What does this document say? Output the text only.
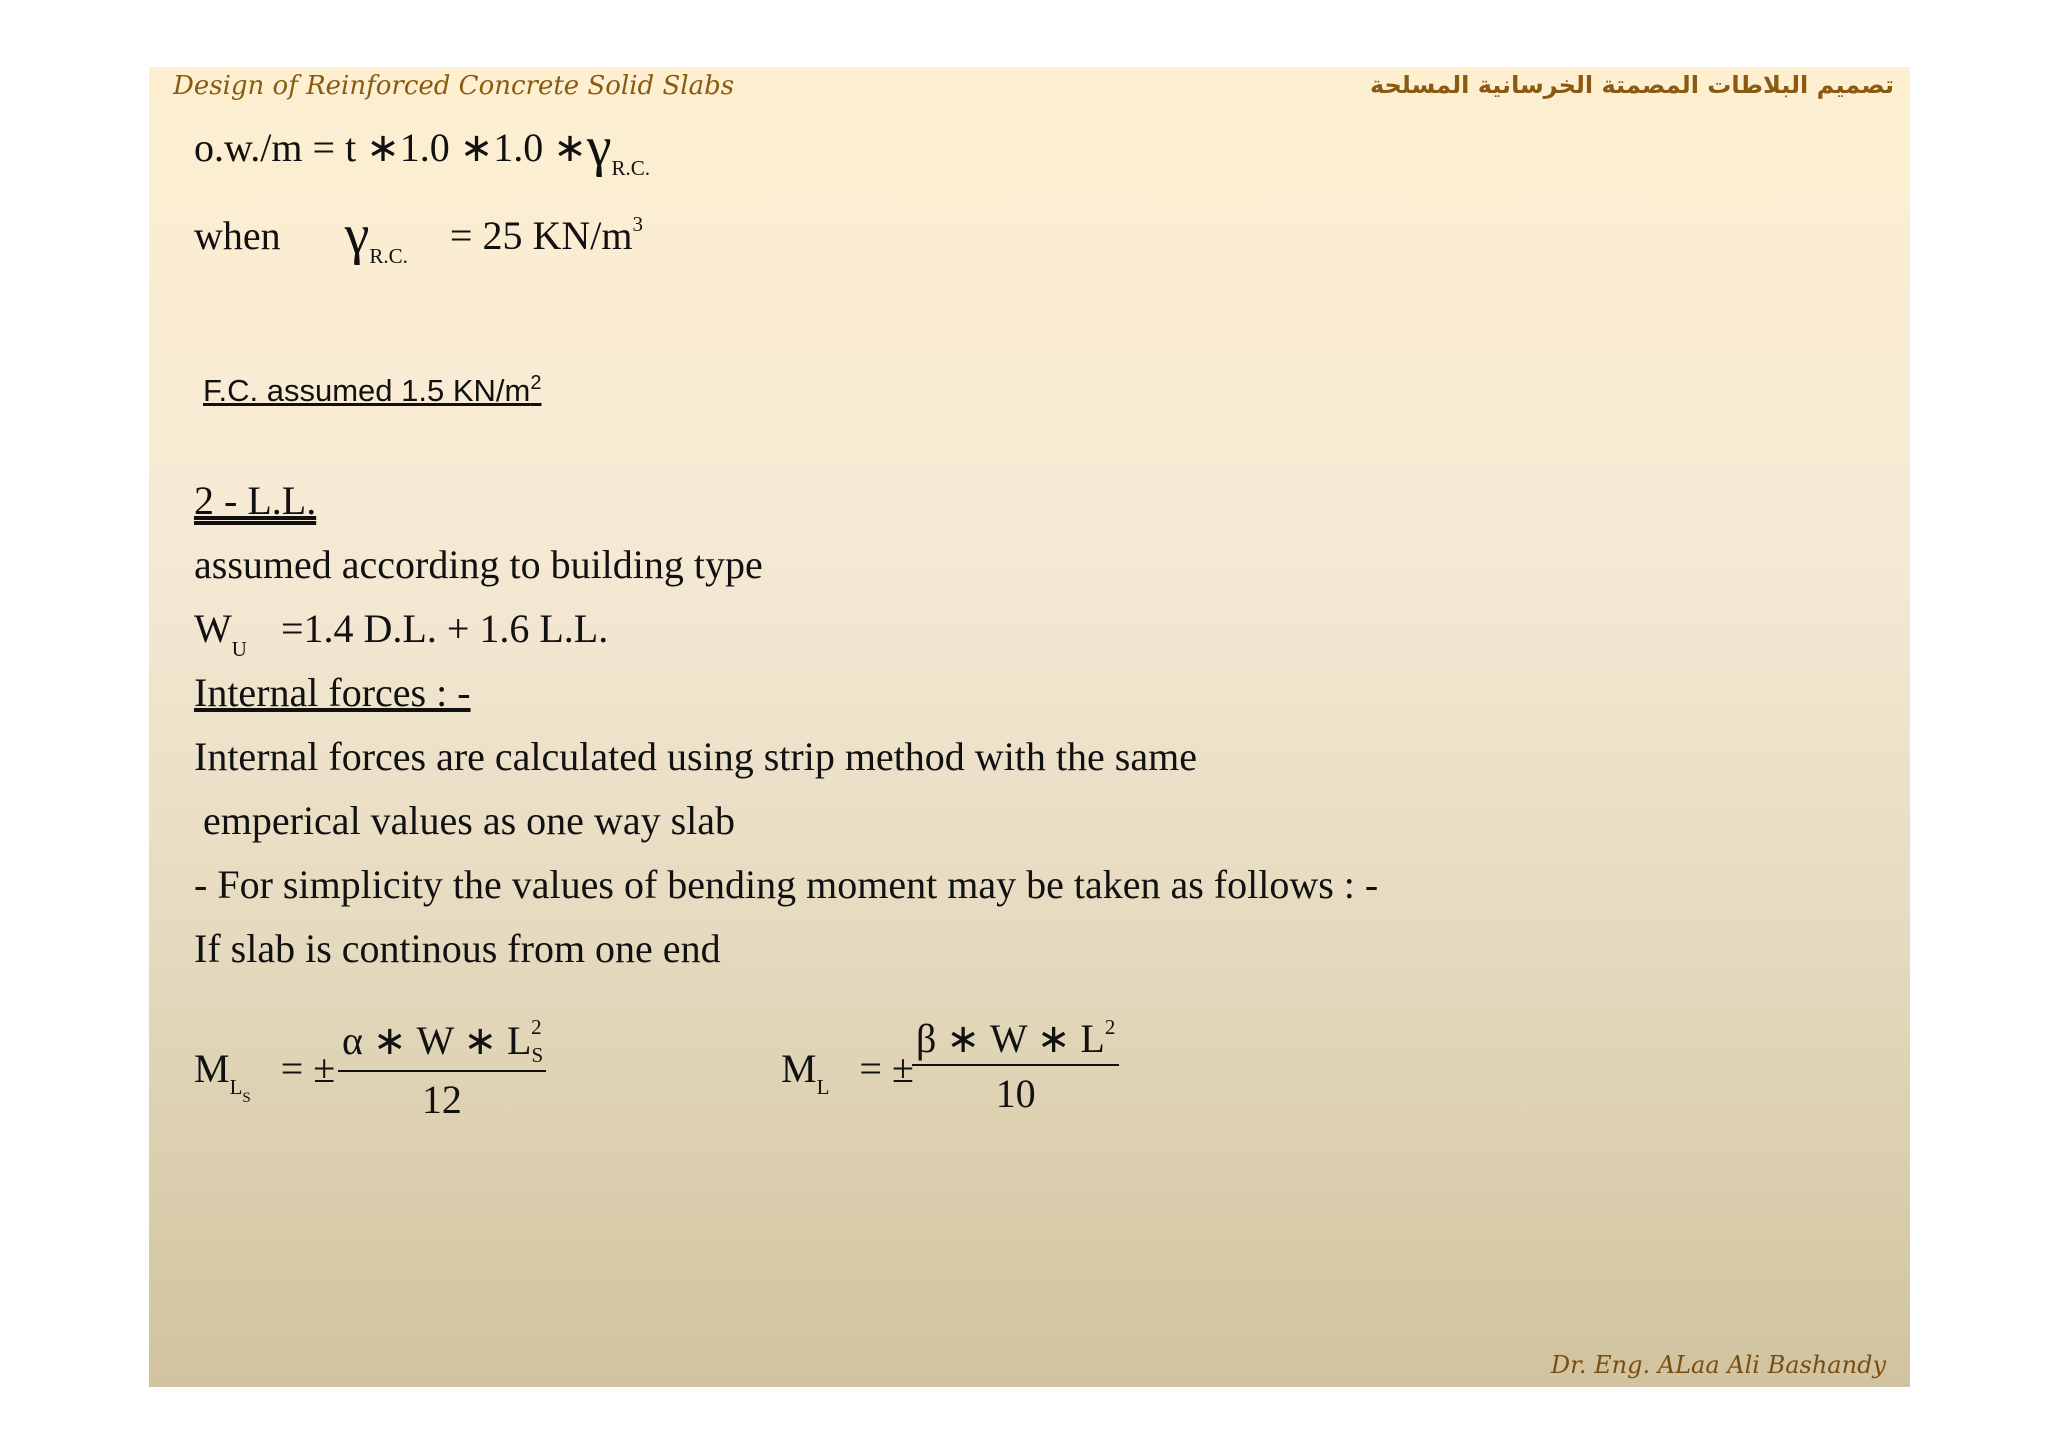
Design of Reinforced Concrete Solid Slabs	تصميم البلاطات المصمتة الخرسانية المسلحة
o.w./m = t ∗1.0 ∗1.0 $∗\gamma_{R.C.}$
when $\gamma_{R.C.} = 25$ $KN/m^3$
F.C. assumed 1.5 $KN/m^2$
2 - L.L.
assumed according to building type
$W_U =1.4$ D.L. + 1.6 L.L.
Internal forces : -
Internal forces are calculated using strip method with the same
emperical values as one way slab
- For simplicity the values of bending moment may be taken as follows : -
If slab is continous from one end
$M_{LS}$  = ± $\frac{\alpha ∗ W ∗ L_S^2}{12}$	$M_L$ = ±
$\frac{\beta ∗ W ∗ L^2}{10}$
Dr. Eng. ALaa Ali Bashandy
